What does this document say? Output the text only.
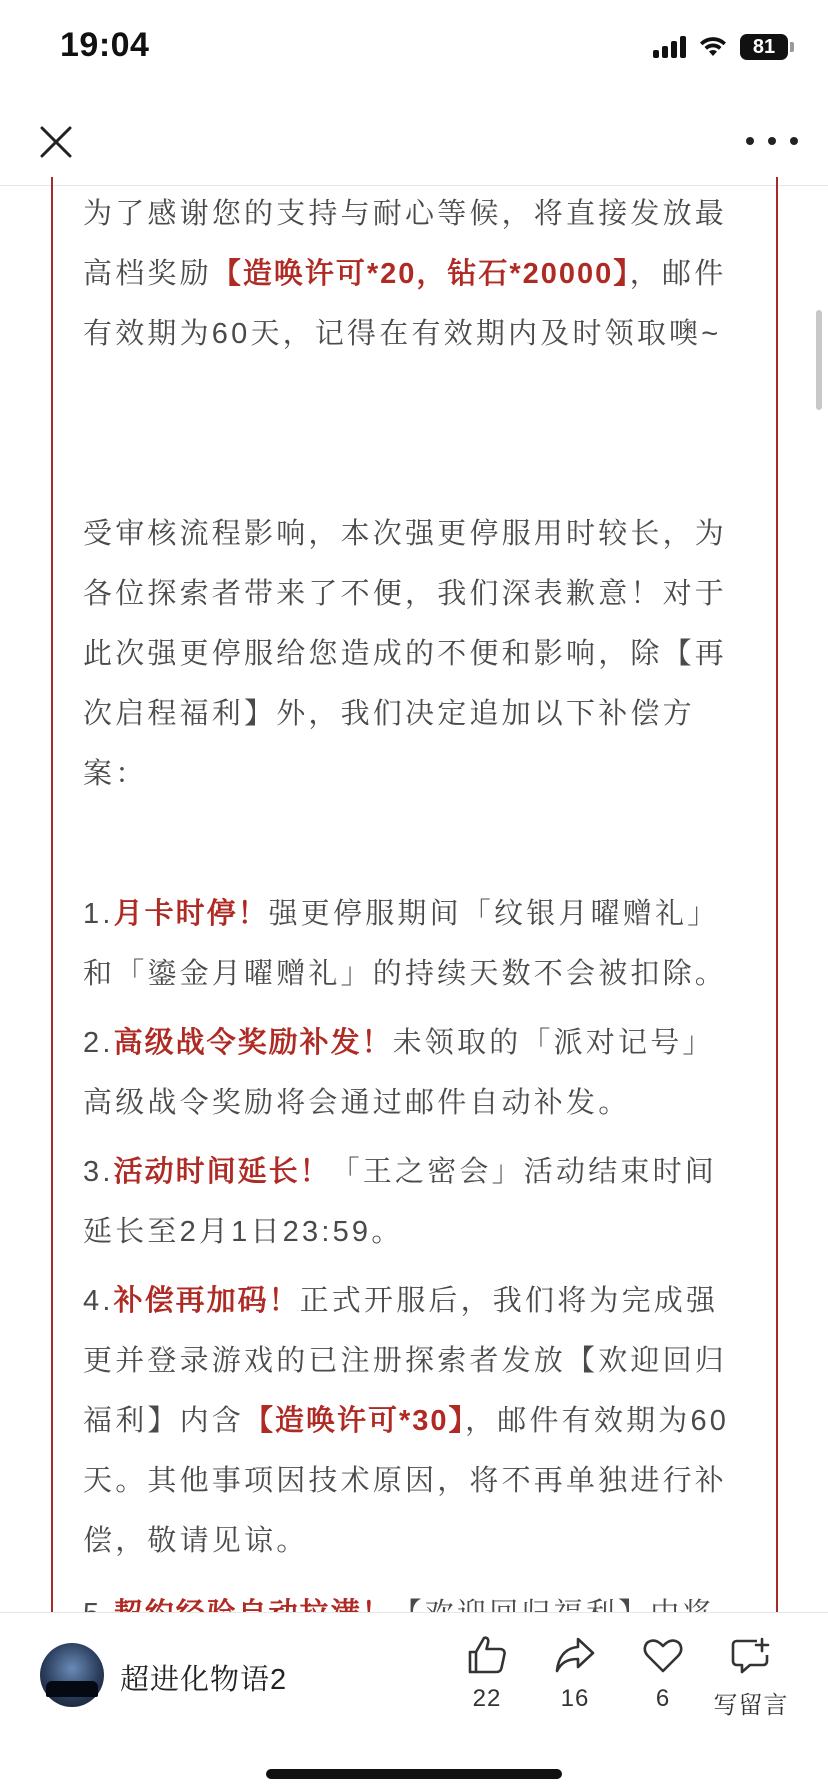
19:04	81

为了感谢您的支持与耐心等候，将直接发放最高档奖励【造唤许可*20，钻石*20000】，邮件有效期为60天，记得在有效期内及时领取噢~

受审核流程影响，本次强更停服用时较长，为各位探索者带来了不便，我们深表歉意！对于此次强更停服给您造成的不便和影响，除【再次启程福利】外，我们决定追加以下补偿方案：

1.月卡时停！强更停服期间「纹银月曜赠礼」和「鎏金月曜赠礼」的持续天数不会被扣除。

2.高级战令奖励补发！未领取的「派对记号」高级战令奖励将会通过邮件自动补发。

3.活动时间延长！「王之密会」活动结束时间延长至2月1日23:59。

4.补偿再加码！正式开服后，我们将为完成强更并登录游戏的已注册探索者发放【欢迎回归福利】内含【造唤许可*30】，邮件有效期为60天。其他事项因技术原因，将不再单独进行补偿，敬请见谅。

超进化物语2
22	16	6	写留言
